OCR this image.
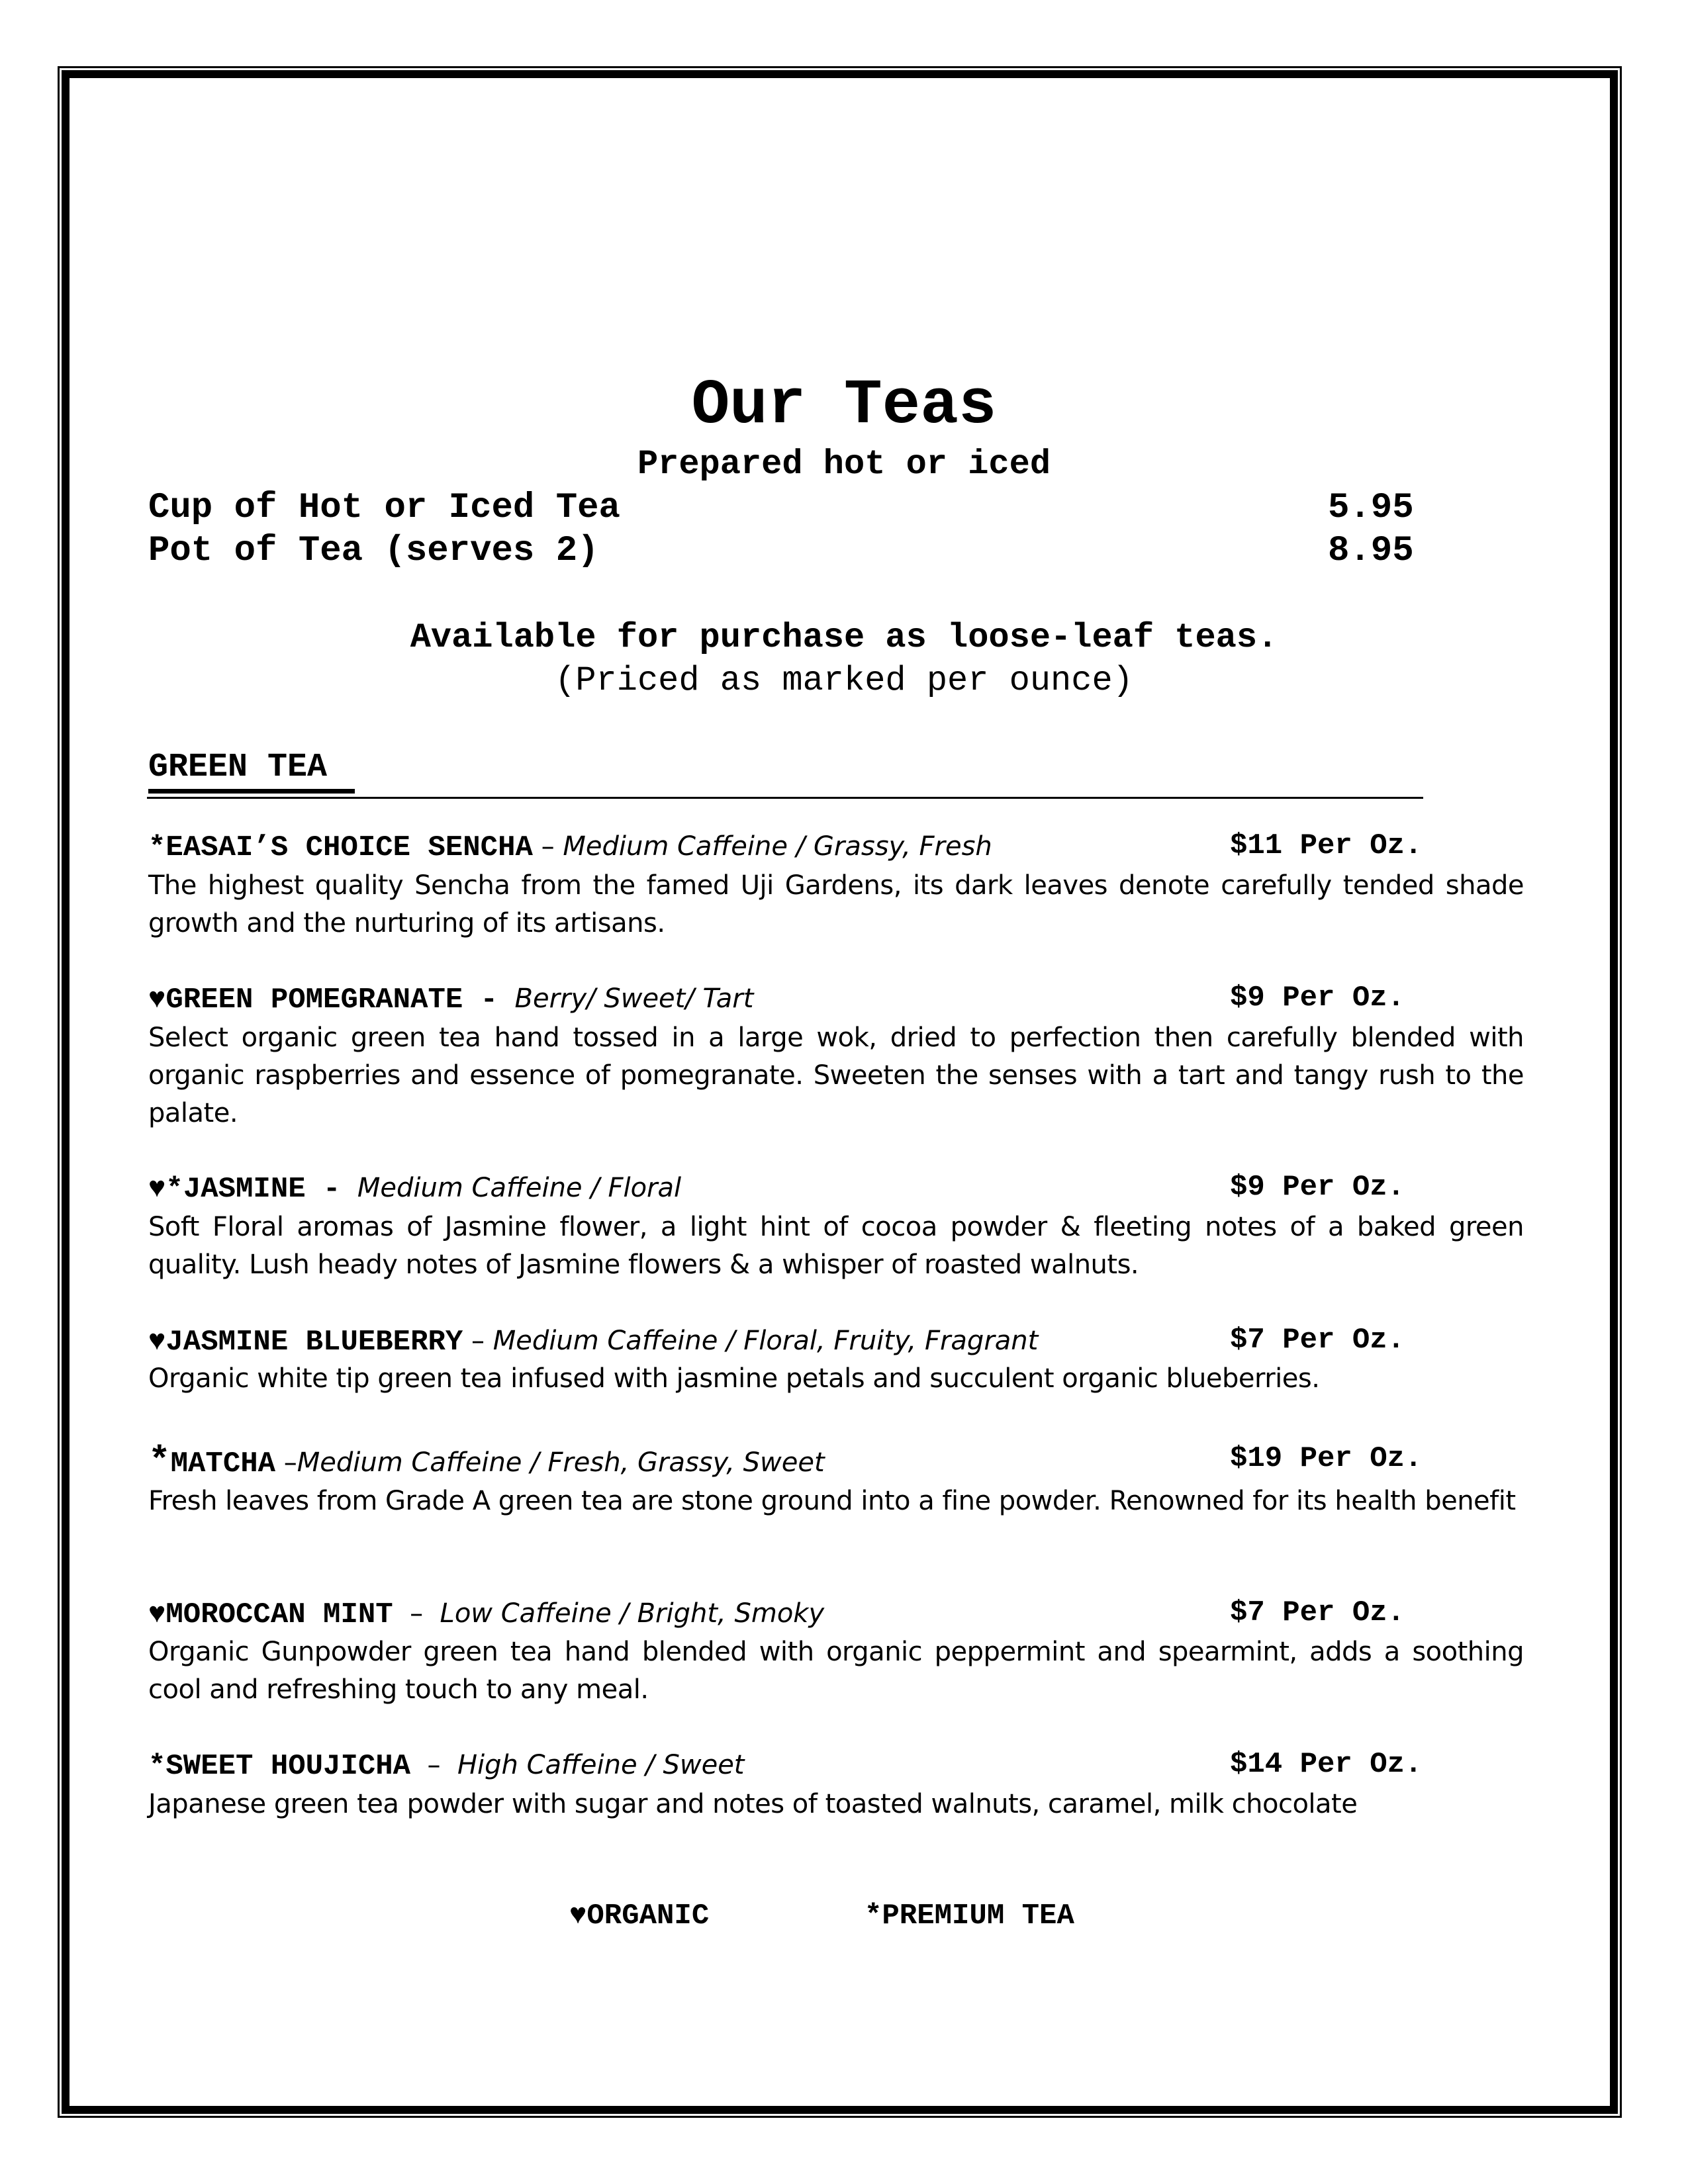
Our Teas
Prepared hot or iced
Cup of Hot or Iced Tea	5.95
Pot of Tea (serves 2)	8.95
Available for purchase as loose-leaf teas.
(Priced as marked per ounce)
GREEN TEA
*EASAI’S CHOICE SENCHA – Medium Caffeine / Grassy, Fresh	$11 Per Oz.
The highest quality Sencha from the famed Uji Gardens, its dark leaves denote carefully tended shade growth and the nurturing of its artisans.
♥GREEN POMEGRANATE - Berry/ Sweet/ Tart	$9 Per Oz.
Select organic green tea hand tossed in a large wok, dried to perfection then carefully blended with organic raspberries and essence of pomegranate. Sweeten the senses with a tart and tangy rush to the palate.
♥*JASMINE - Medium Caffeine / Floral	$9 Per Oz.
Soft Floral aromas of Jasmine flower, a light hint of cocoa powder & fleeting notes of a baked green quality. Lush heady notes of Jasmine flowers & a whisper of roasted walnuts.
♥JASMINE BLUEBERRY – Medium Caffeine / Floral, Fruity, Fragrant	$7 Per Oz.
Organic white tip green tea infused with jasmine petals and succulent organic blueberries.
*MATCHA –Medium Caffeine / Fresh, Grassy, Sweet	$19 Per Oz.
Fresh leaves from Grade A green tea are stone ground into a fine powder. Renowned for its health benefit
♥MOROCCAN MINT  –  Low Caffeine / Bright, Smoky	$7 Per Oz.
Organic Gunpowder green tea hand blended with organic peppermint and spearmint, adds a soothing cool and refreshing touch to any meal.
*SWEET HOUJICHA  –  High Caffeine / Sweet	$14 Per Oz.
Japanese green tea powder with sugar and notes of toasted walnuts, caramel, milk chocolate
♥ORGANIC	*PREMIUM TEA
